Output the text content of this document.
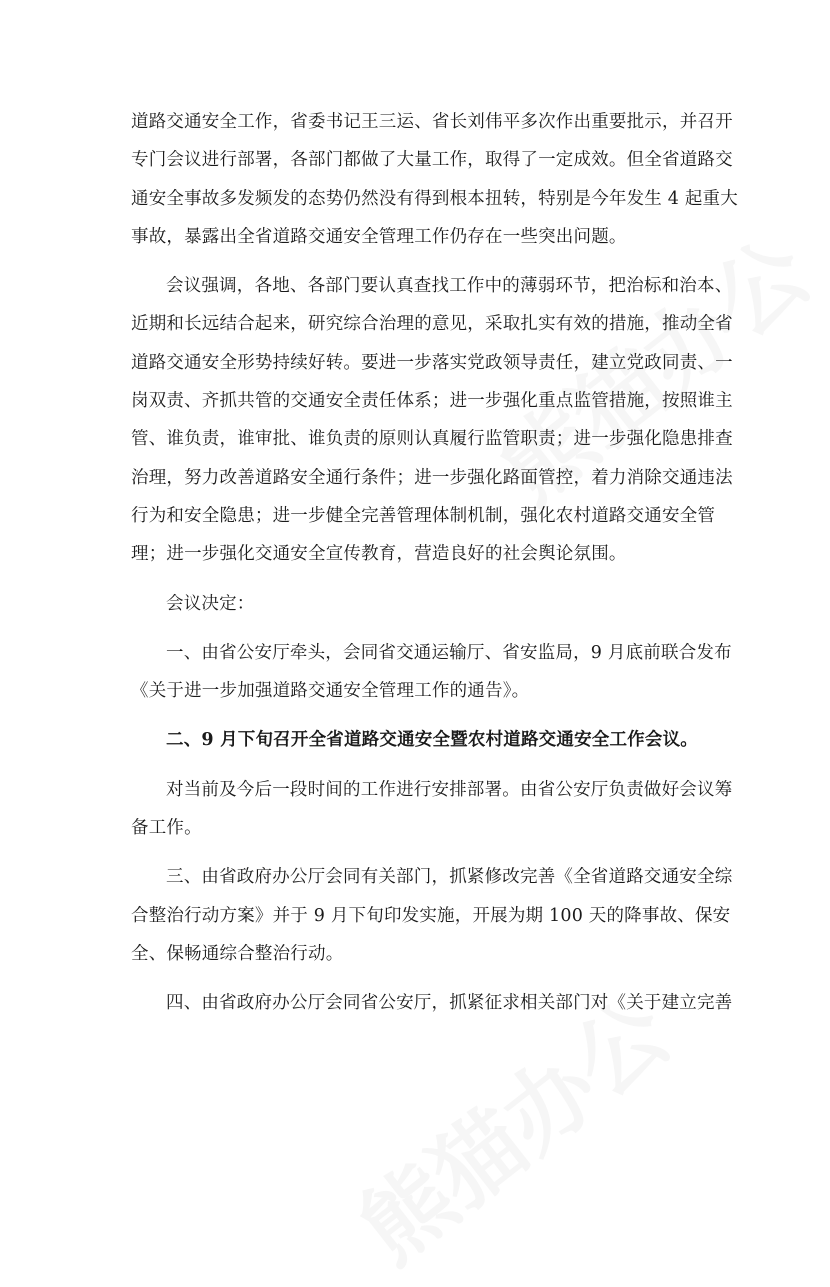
道路交通安全工作，省委书记王三运、省长刘伟平多次作出重要批示，并召开
专门会议进行部署，各部门都做了大量工作，取得了一定成效。但全省道路交
通安全事故多发频发的态势仍然没有得到根本扭转，特别是今年发生 4 起重大
事故，暴露出全省道路交通安全管理工作仍存在一些突出问题。

会议强调，各地、各部门要认真查找工作中的薄弱环节，把治标和治本、
近期和长远结合起来，研究综合治理的意见，采取扎实有效的措施，推动全省
道路交通安全形势持续好转。要进一步落实党政领导责任，建立党政同责、一
岗双责、齐抓共管的交通安全责任体系；进一步强化重点监管措施，按照谁主
管、谁负责，谁审批、谁负责的原则认真履行监管职责；进一步强化隐患排查
治理，努力改善道路安全通行条件；进一步强化路面管控，着力消除交通违法
行为和安全隐患；进一步健全完善管理体制机制，强化农村道路交通安全管
理；进一步强化交通安全宣传教育，营造良好的社会舆论氛围。

会议决定：

一、由省公安厅牵头，会同省交通运输厅、省安监局，9 月底前联合发布
《关于进一步加强道路交通安全管理工作的通告》。

二、9 月下旬召开全省道路交通安全暨农村道路交通安全工作会议。

对当前及今后一段时间的工作进行安排部署。由省公安厅负责做好会议筹
备工作。

三、由省政府办公厅会同有关部门，抓紧修改完善《全省道路交通安全综
合整治行动方案》并于 9 月下旬印发实施，开展为期 100 天的降事故、保安
全、保畅通综合整治行动。

四、由省政府办公厅会同省公安厅，抓紧征求相关部门对《关于建立完善
